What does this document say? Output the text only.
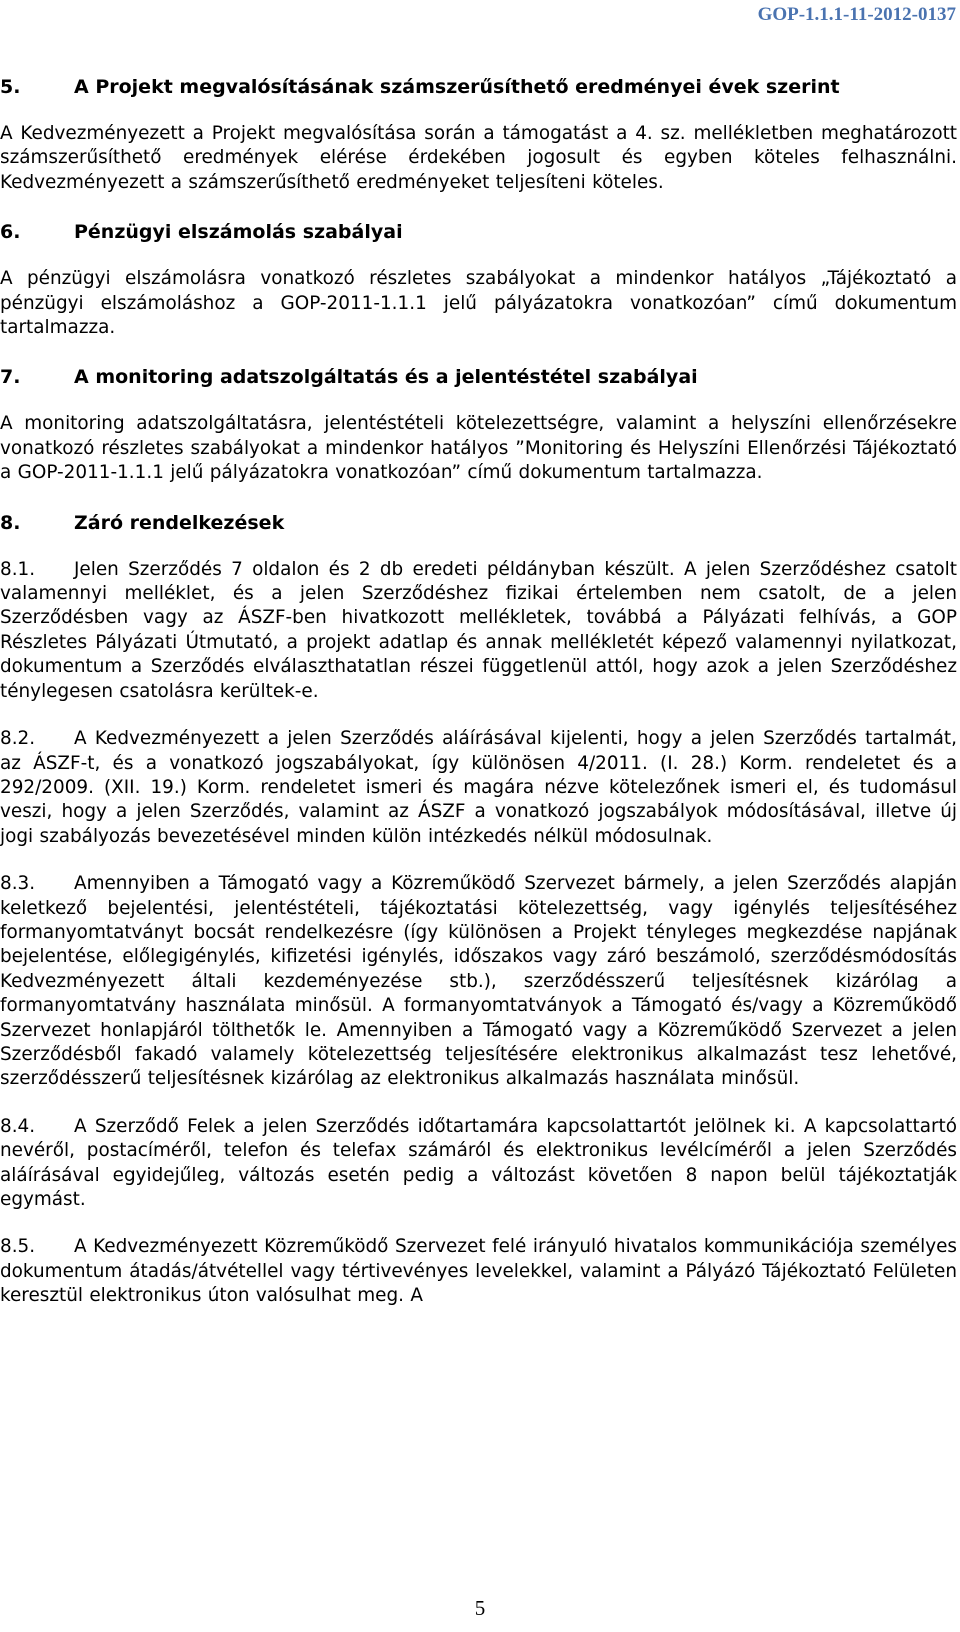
GOP-1.1.1-11-2012-0137
5.	A Projekt megvalósításának számszerűsíthető eredményei évek szerint
A Kedvezményezett a Projekt megvalósítása során a támogatást a 4. sz. mellékletben meghatározott számszerűsíthető eredmények elérése érdekében jogosult és egyben köteles felhasználni. Kedvezményezett a számszerűsíthető eredményeket teljesíteni köteles.
6.	Pénzügyi elszámolás szabályai
A pénzügyi elszámolásra vonatkozó részletes szabályokat a mindenkor hatályos „Tájékoztató a pénzügyi elszámoláshoz a GOP-2011-1.1.1 jelű pályázatokra vonatkozóan” című dokumentum tartalmazza.
7.	A monitoring adatszolgáltatás és a jelentéstétel szabályai
A monitoring adatszolgáltatásra, jelentéstételi kötelezettségre, valamint a helyszíni ellenőrzésekre vonatkozó részletes szabályokat a mindenkor hatályos ”Monitoring és Helyszíni Ellenőrzési Tájékoztató a GOP-2011-1.1.1 jelű pályázatokra vonatkozóan” című dokumentum tartalmazza.
8.	Záró rendelkezések
8.1. Jelen Szerződés 7 oldalon és 2 db eredeti példányban készült. A jelen Szerződéshez csatolt valamennyi melléklet, és a jelen Szerződéshez fizikai értelemben nem csatolt, de a jelen Szerződésben vagy az ÁSZF-ben hivatkozott mellékletek, továbbá a Pályázati felhívás, a GOP Részletes Pályázati Útmutató, a projekt adatlap és annak mellékletét képező valamennyi nyilatkozat, dokumentum a Szerződés elválaszthatatlan részei függetlenül attól, hogy azok a jelen Szerződéshez ténylegesen csatolásra kerültek-e.
8.2. A Kedvezményezett a jelen Szerződés aláírásával kijelenti, hogy a jelen Szerződés tartalmát, az ÁSZF-t, és a vonatkozó jogszabályokat, így különösen 4/2011. (I. 28.) Korm. rendeletet és a 292/2009. (XII. 19.) Korm. rendeletet ismeri és magára nézve kötelezőnek ismeri el, és tudomásul veszi, hogy a jelen Szerződés, valamint az ÁSZF a vonatkozó jogszabályok módosításával, illetve új jogi szabályozás bevezetésével minden külön intézkedés nélkül módosulnak.
8.3. Amennyiben a Támogató vagy a Közreműködő Szervezet bármely, a jelen Szerződés alapján keletkező bejelentési, jelentéstételi, tájékoztatási kötelezettség, vagy igénylés teljesítéséhez formanyomtatványt bocsát rendelkezésre (így különösen a Projekt tényleges megkezdése napjának bejelentése, előlegigénylés, kifizetési igénylés, időszakos vagy záró beszámoló, szerződésmódosítás Kedvezményezett általi kezdeményezése stb.), szerződésszerű teljesítésnek kizárólag a formanyomtatvány használata minősül. A formanyomtatványok a Támogató és/vagy a Közreműködő Szervezet honlapjáról tölthetők le. Amennyiben a Támogató vagy a Közreműködő Szervezet a jelen Szerződésből fakadó valamely kötelezettség teljesítésére elektronikus alkalmazást tesz lehetővé, szerződésszerű teljesítésnek kizárólag az elektronikus alkalmazás használata minősül.
8.4. A Szerződő Felek a jelen Szerződés időtartamára kapcsolattartót jelölnek ki. A kapcsolattartó nevéről, postacíméről, telefon és telefax számáról és elektronikus levélcíméről a jelen Szerződés aláírásával egyidejűleg, változás esetén pedig a változást követően 8 napon belül tájékoztatják egymást.
8.5. A Kedvezményezett Közreműködő Szervezet felé irányuló hivatalos kommunikációja személyes dokumentum átadás/átvétellel vagy tértivevényes levelekkel, valamint a Pályázó Tájékoztató Felületen keresztül elektronikus úton valósulhat meg. A
5
